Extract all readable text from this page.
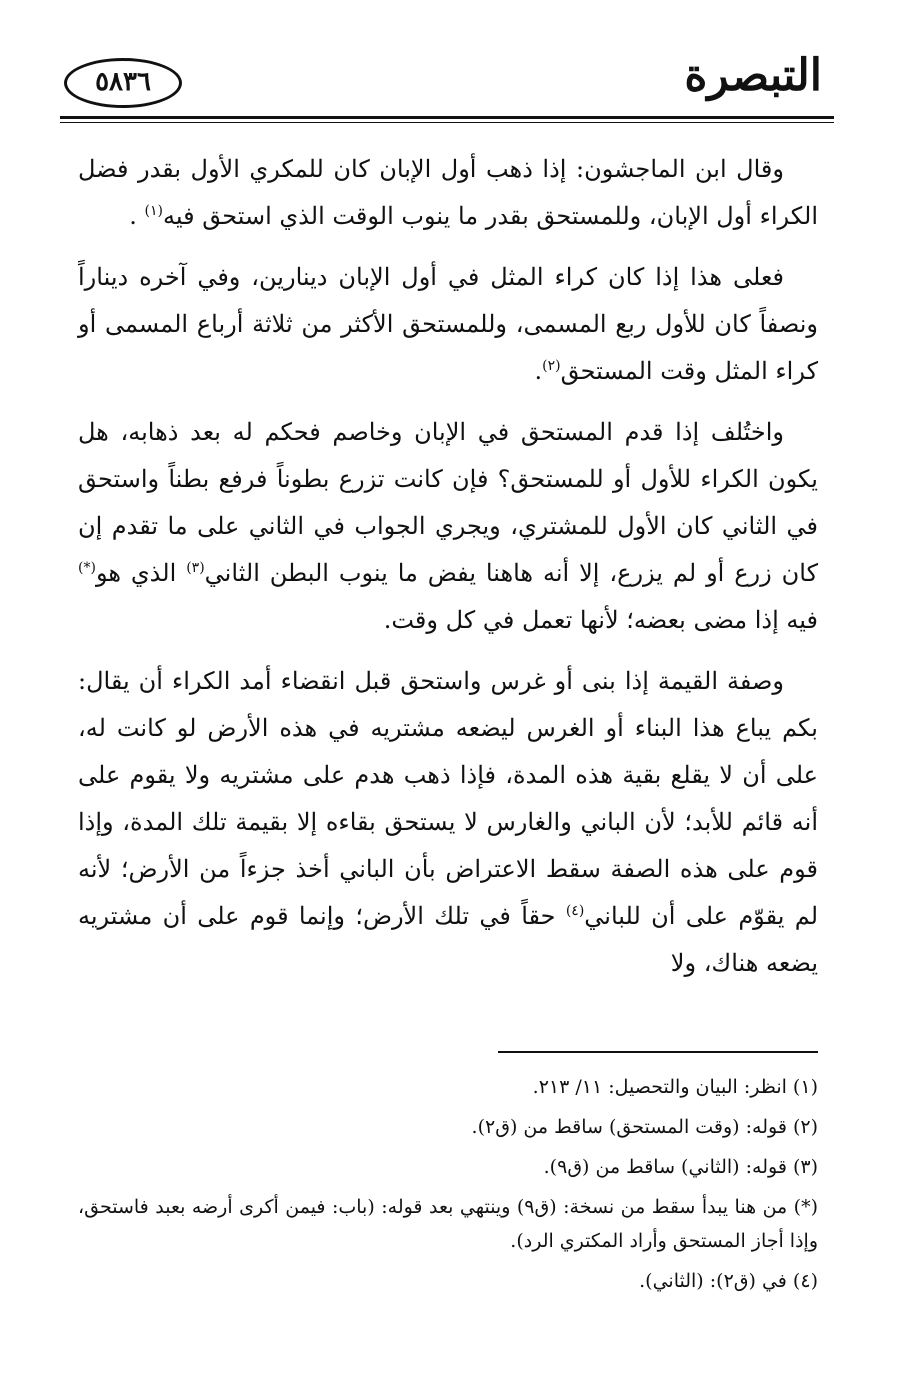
التبصرة
٥٨٣٦

وقال ابن الماجشون: إذا ذهب أول الإبان كان للمكري الأول بقدر فضل الكراء أول الإبان، وللمستحق بقدر ما ينوب الوقت الذي استحق فيه$^{(١)}$ .

فعلى هذا إذا كان كراء المثل في أول الإبان دينارين، وفي آخره ديناراً ونصفاً كان للأول ربع المسمى، وللمستحق الأكثر من ثلاثة أرباع المسمى أو كراء المثل وقت المستحق$^{(٢)}$.

واختُلف إذا قدم المستحق في الإبان وخاصم فحكم له بعد ذهابه، هل يكون الكراء للأول أو للمستحق؟ فإن كانت تزرع بطوناً فرفع بطناً واستحق في الثاني كان الأول للمشتري، ويجري الجواب في الثاني على ما تقدم إن كان زرع أو لم يزرع، إلا أنه هاهنا يفض ما ينوب البطن الثاني$^{(٣)}$ الذي هو(*) فيه إذا مضى بعضه؛ لأنها تعمل في كل وقت.

وصفة القيمة إذا بنى أو غرس واستحق قبل انقضاء أمد الكراء أن يقال: بكم يباع هذا البناء أو الغرس ليضعه مشتريه في هذه الأرض لو كانت له، على أن لا يقلع بقية هذه المدة، فإذا ذهب هدم على مشتريه ولا يقوم على أنه قائم للأبد؛ لأن الباني والغارس لا يستحق بقاءه إلا بقيمة تلك المدة، وإذا قوم على هذه الصفة سقط الاعتراض بأن الباني أخذ جزءاً من الأرض؛ لأنه لم يقوّم على أن للباني$^{(٤)}$ حقاً في تلك الأرض؛ وإنما قوم على أن مشتريه يضعه هناك، ولا

(١) انظر: البيان والتحصيل: ١١/ ٢١٣.

(٢) قوله: (وقت المستحق) ساقط من (ق٢).

(٣) قوله: (الثاني) ساقط من (ق٩).

(*) من هنا يبدأ سقط من نسخة: (ق٩) وينتهي بعد قوله: (باب: فيمن أكرى أرضه بعبد فاستحق، وإذا أجاز المستحق وأراد المكتري الرد).

(٤) في (ق٢): (الثاني).
